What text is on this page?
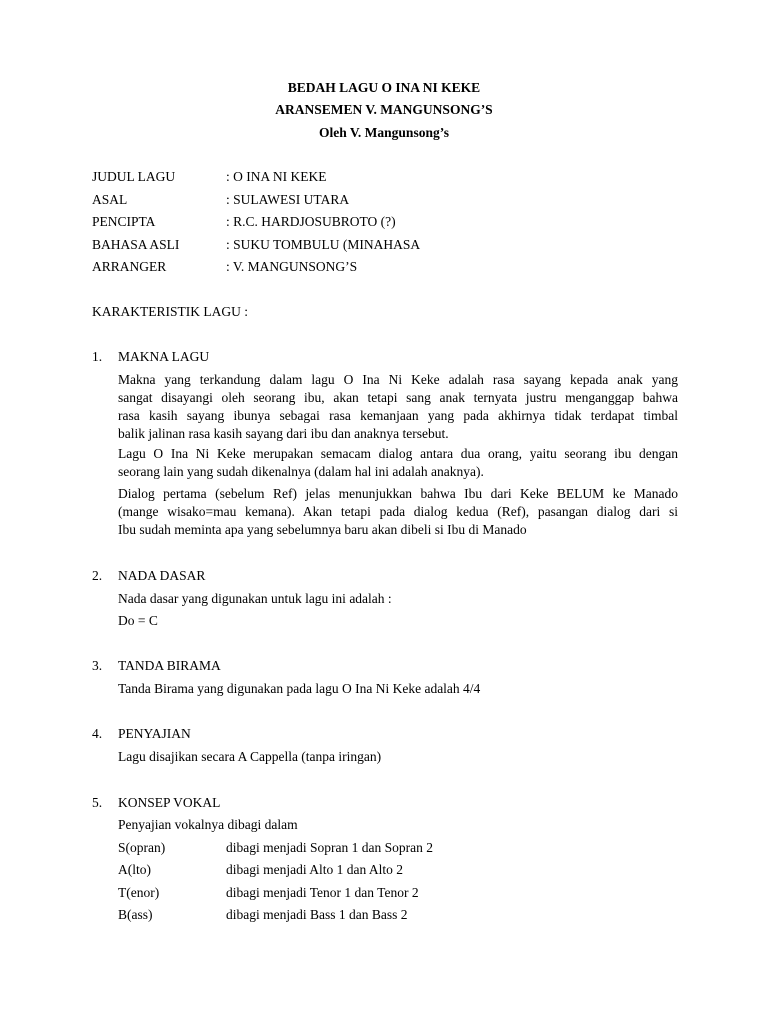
BEDAH LAGU O INA NI KEKE
ARANSEMEN V. MANGUNSONG’S
Oleh V. Mangunsong’s
JUDUL LAGU	: O INA NI KEKE
ASAL	: SULAWESI UTARA
PENCIPTA	: R.C. HARDJOSUBROTO (?)
BAHASA ASLI	: SUKU TOMBULU (MINAHASA
ARRANGER	: V. MANGUNSONG’S
KARAKTERISTIK LAGU :
1. MAKNA LAGU
Makna yang terkandung dalam lagu O Ina Ni Keke adalah rasa sayang kepada anak yang
sangat disayangi oleh seorang ibu, akan tetapi sang anak ternyata justru menganggap bahwa
rasa kasih sayang ibunya sebagai rasa kemanjaan yang pada akhirnya tidak terdapat timbal
balik jalinan rasa kasih sayang dari ibu dan anaknya tersebut.
Lagu O Ina Ni Keke merupakan semacam dialog antara dua orang, yaitu seorang ibu dengan
seorang lain yang sudah dikenalnya (dalam hal ini adalah anaknya).
Dialog pertama (sebelum Ref) jelas menunjukkan bahwa Ibu dari Keke BELUM ke Manado
(mange wisako=mau kemana). Akan tetapi pada dialog kedua (Ref), pasangan dialog dari si
Ibu sudah meminta apa yang sebelumnya baru akan dibeli si Ibu di Manado
2. NADA DASAR
Nada dasar yang digunakan untuk lagu ini adalah :
Do = C
3. TANDA BIRAMA
Tanda Birama yang digunakan pada lagu O Ina Ni Keke adalah 4/4
4. PENYAJIAN
Lagu disajikan secara A Cappella (tanpa iringan)
5. KONSEP VOKAL
Penyajian vokalnya dibagi dalam
S(opran)	dibagi menjadi Sopran 1 dan Sopran 2
A(lto)	dibagi menjadi Alto 1 dan Alto 2
T(enor)	dibagi menjadi Tenor 1 dan Tenor 2
B(ass)	dibagi menjadi Bass 1 dan Bass 2
